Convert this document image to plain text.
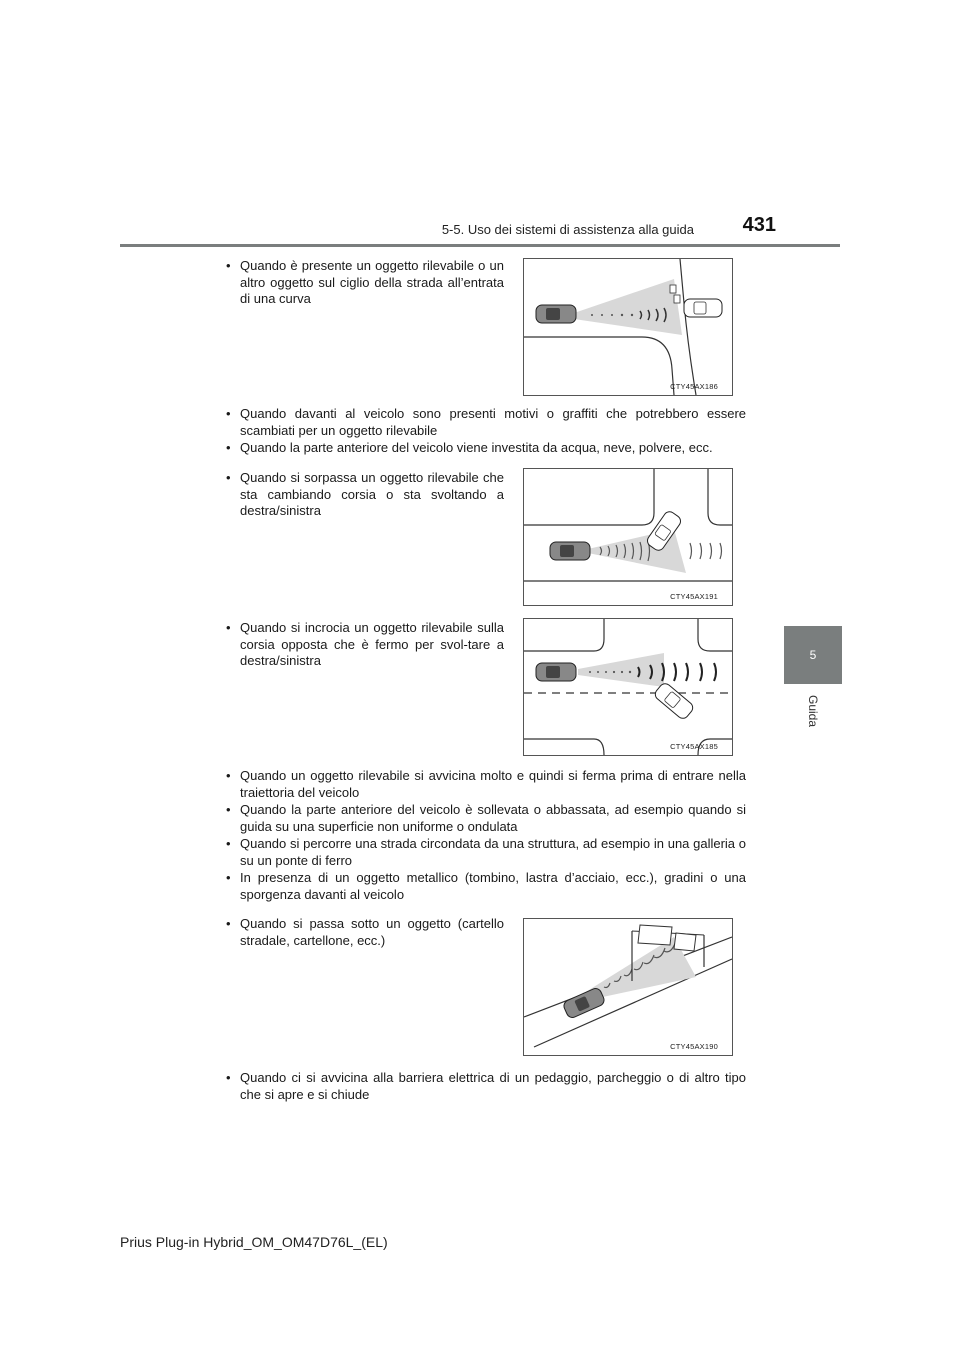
5-5. Uso dei sistemi di assistenza alla guida	431
5
Guida
• Quando è presente un oggetto rilevabile o un altro oggetto sul ciglio della strada all’entrata di una curva
CTY45AX186
• Quando davanti al veicolo sono presenti motivi o graffiti che potrebbero essere scambiati per un oggetto rilevabile
• Quando la parte anteriore del veicolo viene investita da acqua, neve, polvere, ecc.
• Quando si sorpassa un oggetto rilevabile che sta cambiando corsia o sta svoltando a destra/sinistra
CTY45AX191
• Quando si incrocia un oggetto rilevabile sulla corsia opposta che è fermo per svol-tare a destra/sinistra
CTY45AX185
• Quando un oggetto rilevabile si avvicina molto e quindi si ferma prima di entrare nella traiettoria del veicolo
• Quando la parte anteriore del veicolo è sollevata o abbassata, ad esempio quando si guida su una superficie non uniforme o ondulata
• Quando si percorre una strada circondata da una struttura, ad esempio in una galleria o su un ponte di ferro
• In presenza di un oggetto metallico (tombino, lastra d’acciaio, ecc.), gradini o una sporgenza davanti al veicolo
• Quando si passa sotto un oggetto (cartello stradale, cartellone, ecc.)
CTY45AX190
• Quando ci si avvicina alla barriera elettrica di un pedaggio, parcheggio o di altro tipo che si apre e si chiude
Prius Plug-in Hybrid_OM_OM47D76L_(EL)
